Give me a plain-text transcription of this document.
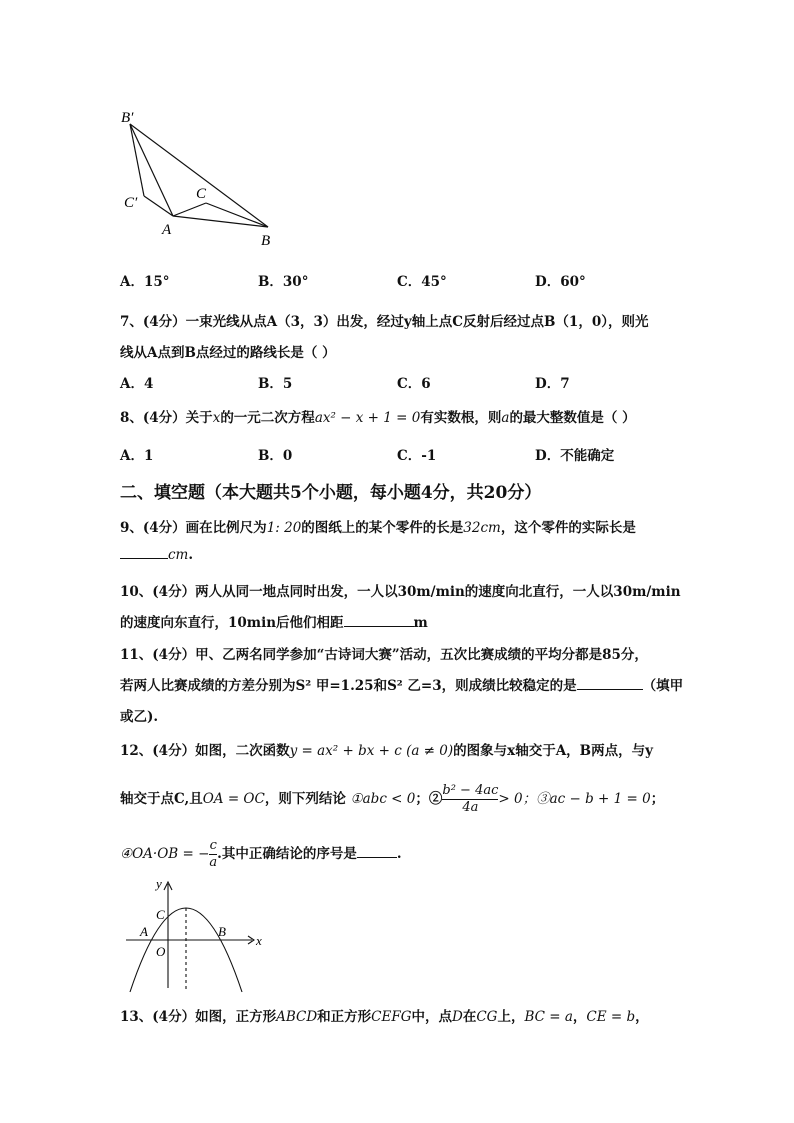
B′
C′
C
A
B
A．15°	B．30°	C．45°	D．60°
7、(4分）一束光线从点A（3，3）出发，经过y轴上点C反射后经过点B（1，0），则光
线从A点到B点经过的路线长是（ ）
A．4	B．5	C．6	D．7
8、(4分）关于x的一元二次方程ax² − x + 1 = 0有实数根，则a的最大整数值是（ ）
A．1	B．0	C．-1	D．不能确定
二、填空题（本大题共5个小题，每小题4分，共20分）
9、(4分）画在比例尺为1: 20的图纸上的某个零件的长是32cm，这个零件的实际长是
cm.
10、(4分）两人从同一地点同时出发，一人以30m/min的速度向北直行，一人以30m/min
的速度向东直行，10min后他们相距	m
11、(4分）甲、乙两名同学参加“古诗词大赛”活动，五次比赛成绩的平均分都是85分，
若两人比赛成绩的方差分别为S² 甲=1.25和S² 乙=3，则成绩比较稳定的是	（填甲
或乙).
12、(4分）如图，二次函数y = ax² + bx + c (a ≠ 0)的图象与x轴交于A，B两点，与y
轴交于点C,且OA = OC，则下列结论 ①abc < 0；② $\frac{\text{b² − 4ac}}{4a} > 0$；③ac − b + 1 = 0；
④OA·OB = − $\frac{c}{a}$ .其中正确结论的序号是	.
y
x
C
A	B
O
13、(4分）如图，正方形ABCD和正方形CEFG中，点D在CG上，BC = a，CE = b，
